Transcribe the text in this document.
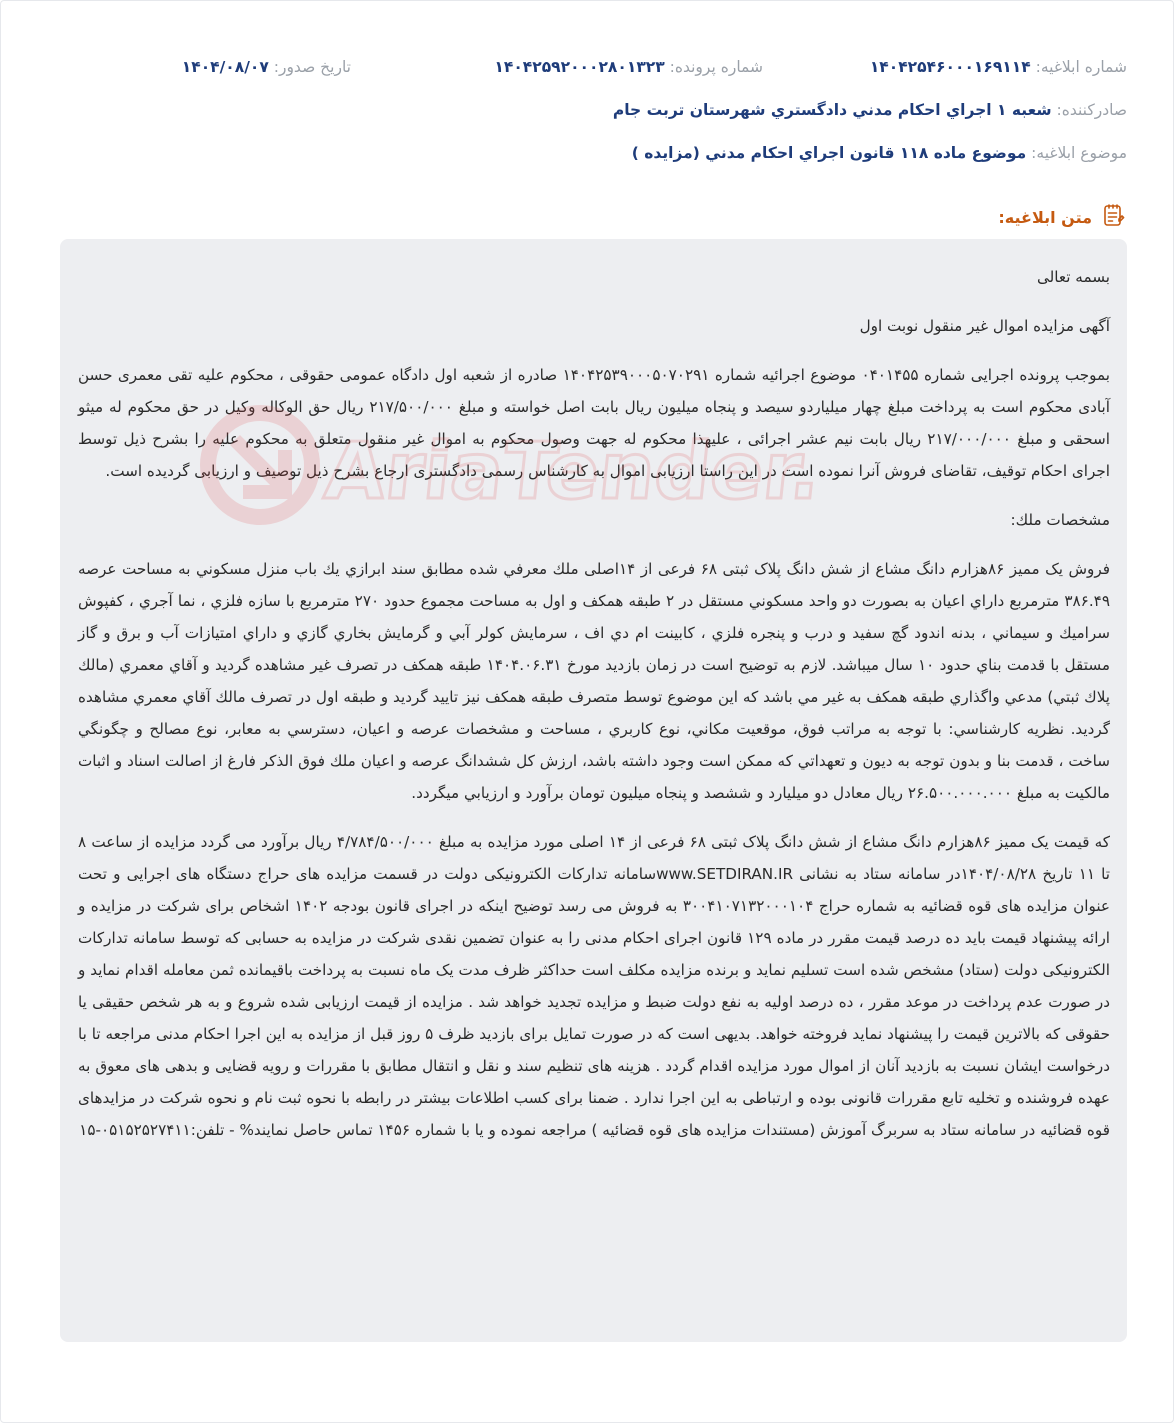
شماره ابلاغیه: ۱۴۰۴۲۵۴۶۰۰۰۱۶۹۱۱۴
شماره پرونده: ۱۴۰۴۲۵۹۲۰۰۰۲۸۰۱۳۲۳
تاریخ صدور: ۱۴۰۴/۰۸/۰۷
صادرکننده: شعبه ۱ اجراي احكام مدني دادگستري شهرستان تربت جام
موضوع ابلاغیه: موضوع ماده ۱۱۸ قانون اجراي احكام مدني (مزايده )
متن ابلاغیه:

بسمه تعالی

آگهی مزایده اموال غیر منقول نوبت اول

بموجب پرونده اجرایی شماره ۰۴۰۱۴۵۵ موضوع اجرائیه شماره ۱۴۰۴۲۵۳۹۰۰۰۵۰۷۰۲۹۱ صادره از شعبه اول دادگاه عمومی حقوقی ، محکوم علیه تقی معمری حسن آبادی محکوم است به پرداخت مبلغ چهار میلیاردو سیصد و پنجاه میلیون ریال بابت اصل خواسته و مبلغ ۲۱۷/۵۰۰/۰۰۰ ریال حق الوکاله وکیل در حق محکوم له میثو اسحقی و مبلغ ۲۱۷/۰۰۰/۰۰۰ ریال بابت نیم عشر اجرائی ، علیهذا محکوم له جهت وصول محکوم به اموال غیر منقول متعلق به محکوم علیه را بشرح ذیل توسط اجرای احکام توقیف، تقاضای فروش آنرا نموده است در این راستا ارزیابی اموال به کارشناس رسمی دادگستری ارجاع بشرح ذیل توصیف و ارزیابی گردیده است.

مشخصات ملك:

فروش یک ممیز ۸۶هزارم دانگ مشاع از شش دانگ پلاک ثبتی ۶۸ فرعی از ۱۴اصلی ملك معرفي شده مطابق سند ابرازي يك باب منزل مسكوني به مساحت عرصه ۳۸۶.۴۹ مترمربع داراي اعيان به بصورت دو واحد مسكوني مستقل در ۲ طبقه همكف و اول به مساحت مجموع حدود ۲۷۰ مترمربع با سازه فلزي ، نما آجري ، كفپوش سراميك و سيماني ، بدنه اندود گچ سفيد و درب و پنجره فلزي ، كابينت ام دي اف ، سرمايش كولر آبي و گرمايش بخاري گازي و داراي امتيازات آب و برق و گاز مستقل با قدمت بناي حدود ۱۰ سال ميباشد. لازم به توضيح است در زمان بازديد مورخ ۱۴۰۴.۰۶.۳۱ طبقه همكف در تصرف غير مشاهده گرديد و آقاي معمري (مالك پلاك ثبتي) مدعي واگذاري طبقه همكف به غير مي باشد كه اين موضوع توسط متصرف طبقه همكف نيز تاييد گرديد و طبقه اول در تصرف مالك آقاي معمري مشاهده گرديد. نظريه كارشناسي: با توجه به مراتب فوق، موقعيت مكاني، نوع كاربري ، مساحت و مشخصات عرصه و اعيان، دسترسي به معابر، نوع مصالح و چگونگي ساخت ، قدمت بنا و بدون توجه به ديون و تعهداتي كه ممكن است وجود داشته باشد، ارزش كل ششدانگ عرصه و اعيان ملك فوق الذكر فارغ از اصالت اسناد و اثبات مالكيت به مبلغ ۲۶.۵۰۰.۰۰۰.۰۰۰ ريال معادل دو ميليارد و ششصد و پنجاه ميليون تومان برآورد و ارزيابي ميگردد.

که قیمت یک ممیز ۸۶هزارم دانگ مشاع از شش دانگ پلاک ثبتی ۶۸ فرعی از ۱۴ اصلی مورد مزایده به مبلغ ۴/۷۸۴/۵۰۰/۰۰۰ ریال برآورد می گردد مزایده از ساعت ۸ تا ۱۱ تاریخ ۱۴۰۴/۰۸/۲۸در سامانه ستاد به نشانی www.SETDIRAN.IRسامانه تدارکات الکترونیکی دولت در قسمت مزایده های حراج دستگاه های اجرایی و تحت عنوان مزایده های قوه قضائیه به شماره حراج ۳۰۰۴۱۰۷۱۳۲۰۰۰۱۰۴ به فروش می رسد توضیح اینکه در اجرای قانون بودجه ۱۴۰۲ اشخاص برای شرکت در مزایده و ارائه پیشنهاد قیمت باید ده درصد قیمت مقرر در ماده ۱۲۹ قانون اجرای احکام مدنی را به عنوان تضمین نقدی شرکت در مزایده به حسابی که توسط سامانه تدارکات الکترونیکی دولت (ستاد) مشخص شده است تسلیم نماید و برنده مزایده مکلف است حداکثر ظرف مدت یک ماه نسبت به پرداخت باقیمانده ثمن معامله اقدام نماید و در صورت عدم پرداخت در موعد مقرر ، ده درصد اولیه به نفع دولت ضبط و مزایده تجدید خواهد شد . مزایده از قیمت ارزیابی شده شروع و به هر شخص حقیقی یا حقوقی که بالاترین قیمت را پیشنهاد نماید فروخته خواهد. بدیهی است که در صورت تمایل برای بازدید ظرف ۵ روز قبل از مزایده به این اجرا احکام مدنی مراجعه تا با درخواست ایشان نسبت به بازدید آنان از اموال مورد مزایده اقدام گردد . هزینه های تنظیم سند و نقل و انتقال مطابق با مقررات و رویه قضایی و بدهی های معوق به عهده فروشنده و تخلیه تابع مقررات قانونی بوده و ارتباطی به این اجرا ندارد . ضمنا برای کسب اطلاعات بیشتر در رابطه با نحوه ثبت نام و نحوه شرکت در مزایدهای قوه قضائیه در سامانه ستاد به سربرگ آموزش (مستندات مزایده های قوه قضائیه ) مراجعه نموده و یا با شماره ۱۴۵۶ تماس حاصل نمایند% - تلفن:۰۵۱۵۲۵۲۷۴۱۱-۱۵
